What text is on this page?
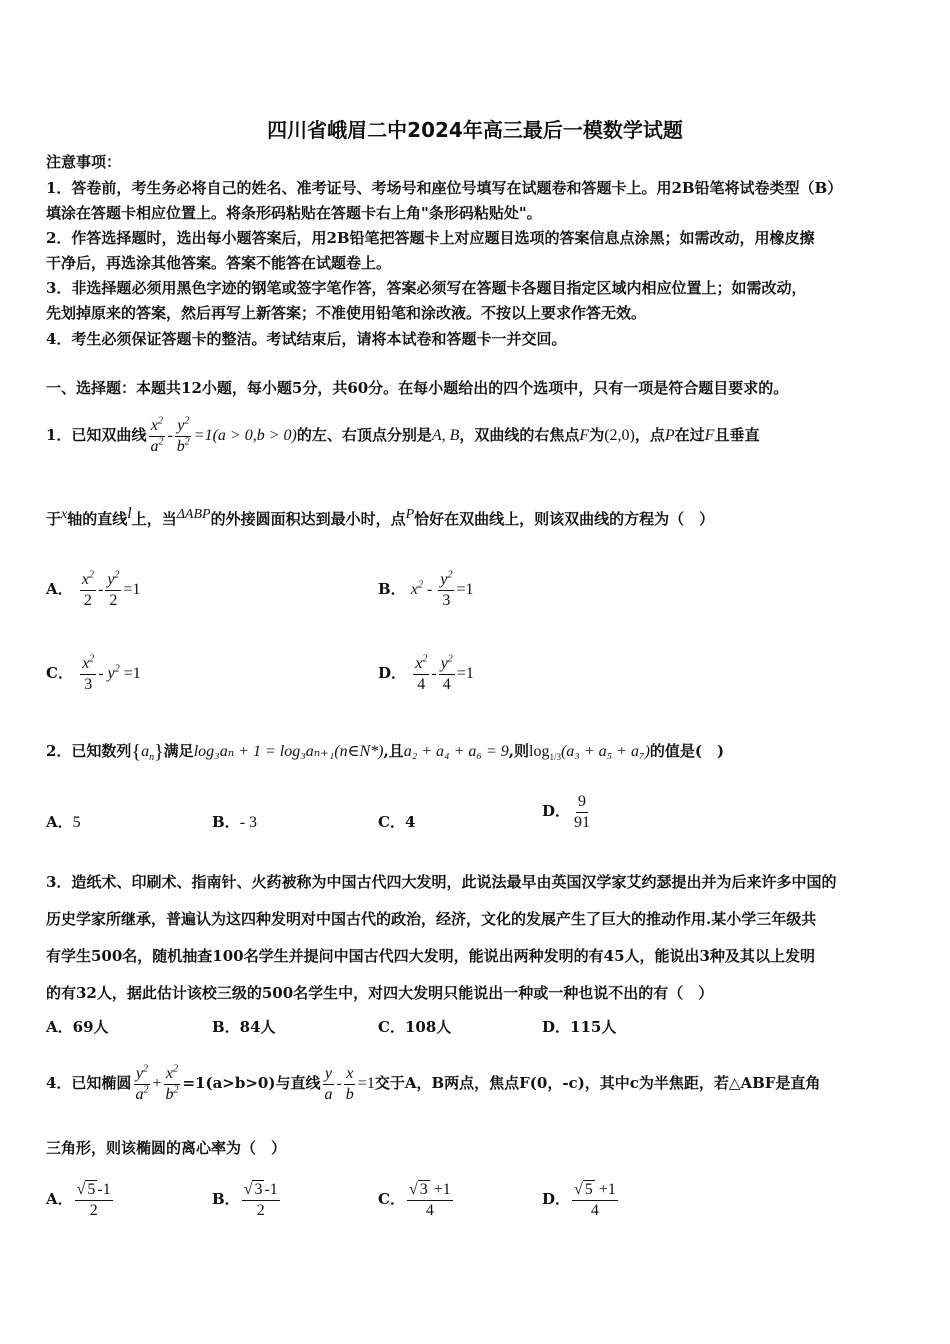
四川省峨眉二中2024年高三最后一模数学试题
注意事项：
1．答卷前，考生务必将自己的姓名、准考证号、考场号和座位号填写在试题卷和答题卡上。用2B铅笔将试卷类型（B）
填涂在答题卡相应位置上。将条形码粘贴在答题卡右上角"条形码粘贴处"。
2．作答选择题时，选出每小题答案后，用2B铅笔把答题卡上对应题目选项的答案信息点涂黑；如需改动，用橡皮擦
干净后，再选涂其他答案。答案不能答在试题卷上。
3．非选择题必须用黑色字迹的钢笔或签字笔作答，答案必须写在答题卡各题目指定区域内相应位置上；如需改动，
先划掉原来的答案，然后再写上新答案；不准使用铅笔和涂改液。不按以上要求作答无效。
4．考生必须保证答题卡的整洁。考试结束后，请将本试卷和答题卡一并交回。
一、选择题：本题共12小题，每小题5分，共60分。在每小题给出的四个选项中，只有一项是符合题目要求的。
1．已知双曲线 $\frac{x^2}{a^2} - \frac{y^2}{b^2} =1(a > 0,b > 0)$的左、右顶点分别是A, B，双曲线的右焦点F为(2,0)，点P在过F且垂直
于$^x$轴的直线$^l$上，当$^{\Delta ABP}$的外接圆面积达到最小时，点$^P$恰好在双曲线上，则该双曲线的方程为（　）
A． $\frac{x^2}{2} - \frac{y^2}{2} =1$	B． $x^2 - \frac{y^2}{3} =1$
C． $\frac{x^2}{3} - y^2 =1$	D． $\frac{x^2}{4} - \frac{y^2}{4} =1$
2．已知数列$\{a_n\}$满足log₃aₙ + 1 = log₃aₙ₊₁(n∈N*),且a₂ + a₄ + a₆ = 9,则$\log_{1/3}(a_3 + a_5 + a_7)$的值是(　)
A．5	B．- 3	C．4
D． $\frac{9}{91}$
3．造纸术、印刷术、指南针、火药被称为中国古代四大发明，此说法最早由英国汉学家艾约瑟提出并为后来许多中国的
历史学家所继承，普遍认为这四种发明对中国古代的政治，经济，文化的发展产生了巨大的推动作用.某小学三年级共
有学生500名，随机抽查100名学生并提问中国古代四大发明，能说出两种发明的有45人，能说出3种及其以上发明
的有32人，据此估计该校三级的500名学生中，对四大发明只能说出一种或一种也说不出的有（　）
A．69人	B．84人	C．108人	D．115人
4．已知椭圆 $\frac{y^2}{a^2} + \frac{x^2}{b^2} =1(a>b>0)$与直线 $\frac{y}{a} - \frac{x}{b} =1$交于A，B两点，焦点F(0，-c)，其中c为半焦距，若△ABF是直角
三角形，则该椭圆的离心率为（　）
A． $\frac{√ 5 -1}{2}$	B． $\frac{√ 3 -1}{2}$	C． $\frac{√ 3 +1}{4}$	D． $\frac{√ 5 +1}{4}$
